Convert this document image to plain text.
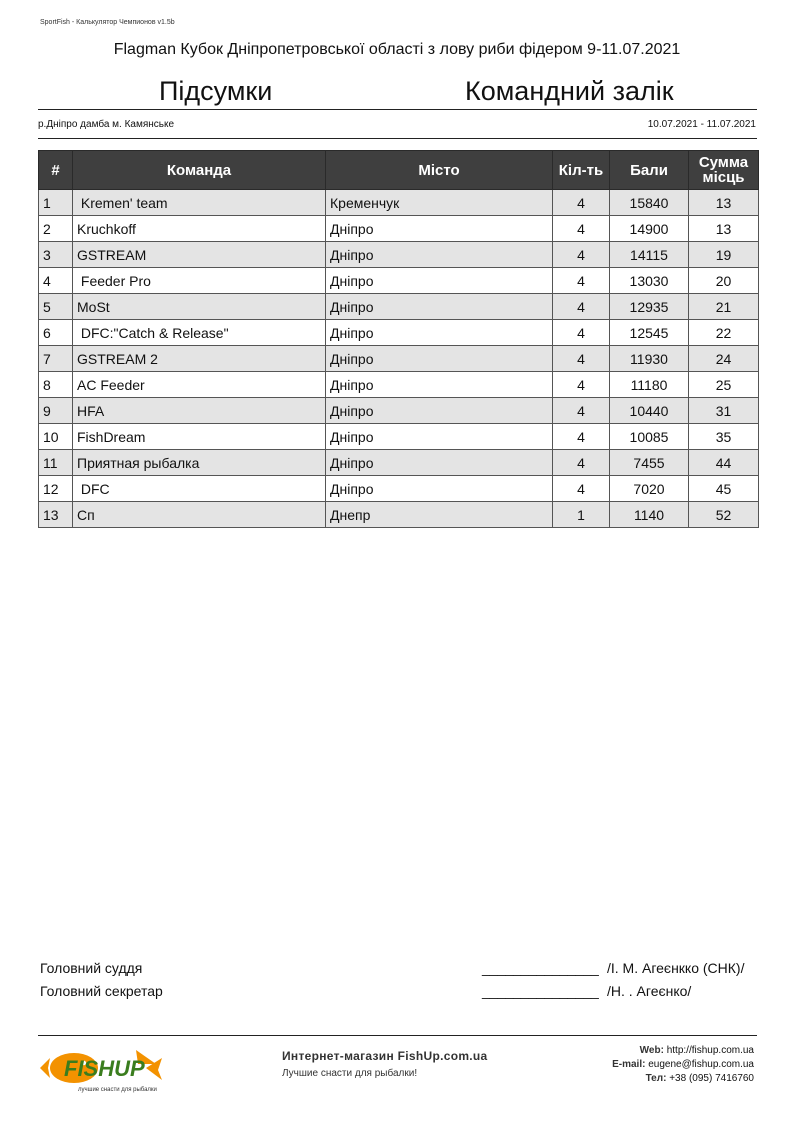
SportFish - Калькулятор Чемпионов v1.5b
Flagman Кубок Дніпропетровської області з лову риби фідером 9-11.07.2021
Підсумки	Командний залік
р.Дніпро дамба м. Камянське	10.07.2021 - 11.07.2021
#	Команда	Місто	Кіл-ть	Бали	Сумма місць
1	Kremen' team	Кременчук	4	15840	13
2	Kruchkoff	Дніпро	4	14900	13
3	GSTREAM	Дніпро	4	14115	19
4	Feeder Pro	Дніпро	4	13030	20
5	MoSt	Дніпро	4	12935	21
6	DFC:"Catch & Release"	Дніпро	4	12545	22
7	GSTREAM 2	Дніпро	4	11930	24
8	AC Feeder	Дніпро	4	11180	25
9	HFA	Дніпро	4	10440	31
10	FishDream	Дніпро	4	10085	35
11	Приятная рыбалка	Дніпро	4	7455	44
12	DFC	Дніпро	4	7020	45
13	Сп	Днепр	1	1140	52
Головний суддя	_______________ /І. М. Агеєнкко (СНК)/
Головний секретар	_______________ /Н. . Агеєнко/
FISHUP
лучшие снасти для рыбалки
Интернет-магазин FishUp.com.ua
Лучшие снасти для рыбалки!
Web: http://fishup.com.ua
E-mail: eugene@fishup.com.ua
Тел: +38 (095) 7416760
